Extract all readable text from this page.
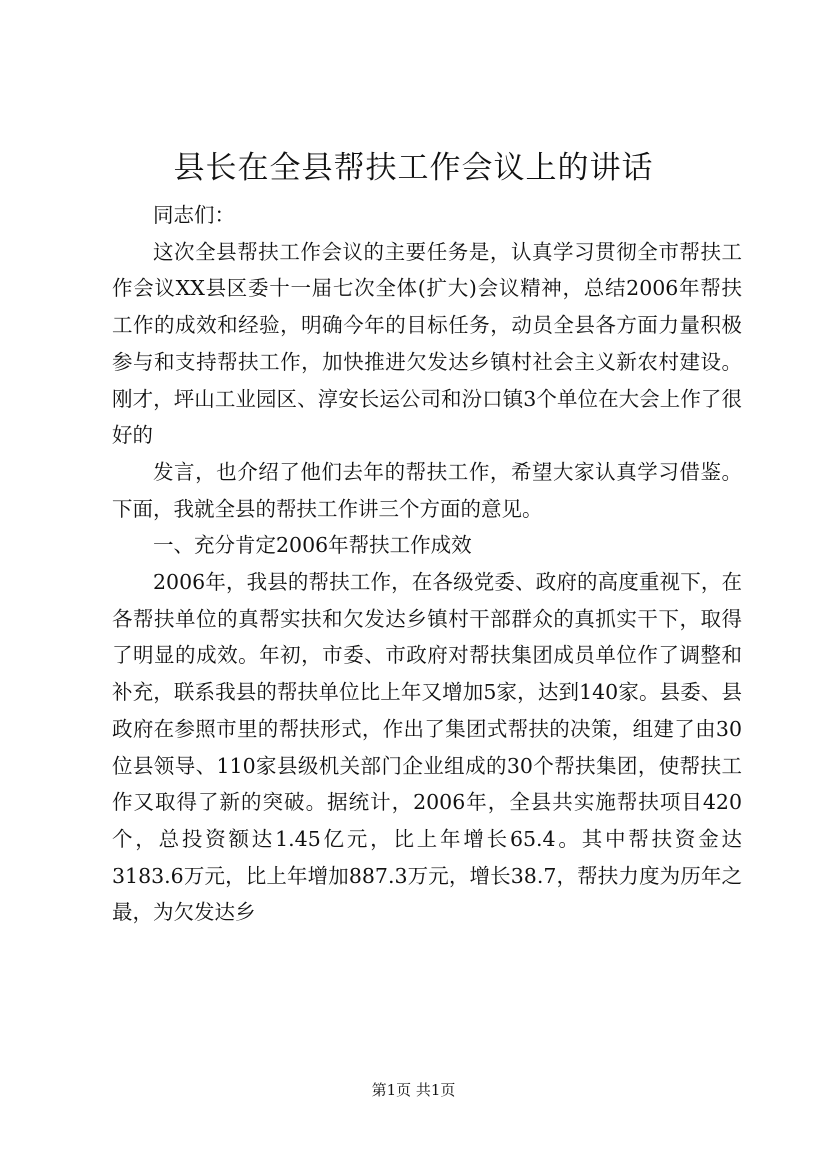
县长在全县帮扶工作会议上的讲话

同志们：

这次全县帮扶工作会议的主要任务是，认真学习贯彻全市帮扶工作会议XX县区委十一届七次全体(扩大)会议精神，总结2006年帮扶工作的成效和经验，明确今年的目标任务，动员全县各方面力量积极参与和支持帮扶工作，加快推进欠发达乡镇村社会主义新农村建设。刚才，坪山工业园区、淳安长运公司和汾口镇3个单位在大会上作了很好的

发言，也介绍了他们去年的帮扶工作，希望大家认真学习借鉴。下面，我就全县的帮扶工作讲三个方面的意见。

一、充分肯定2006年帮扶工作成效

2006年，我县的帮扶工作，在各级党委、政府的高度重视下，在各帮扶单位的真帮实扶和欠发达乡镇村干部群众的真抓实干下，取得了明显的成效。年初，市委、市政府对帮扶集团成员单位作了调整和补充，联系我县的帮扶单位比上年又增加5家，达到140家。县委、县政府在参照市里的帮扶形式，作出了集团式帮扶的决策，组建了由30位县领导、110家县级机关部门企业组成的30个帮扶集团，使帮扶工作又取得了新的突破。据统计，2006年，全县共实施帮扶项目420个，总投资额达1.45亿元，比上年增长65.4。其中帮扶资金达3183.6万元，比上年增加887.3万元，增长38.7，帮扶力度为历年之最，为欠发达乡

第1页 共1页
